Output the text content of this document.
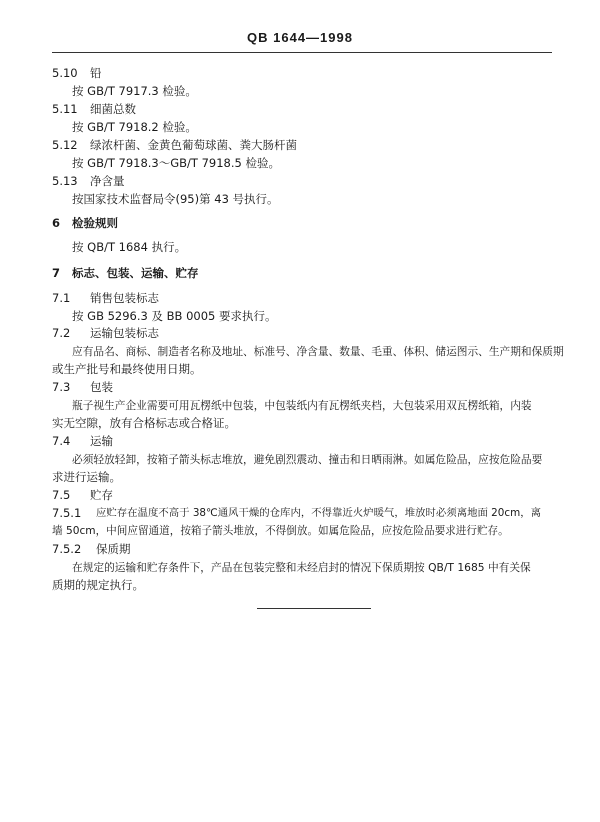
QB 1644—1998
5.10 铅
按 GB/T 7917.3 检验。
5.11 细菌总数
按 GB/T 7918.2 检验。
5.12 绿浓杆菌、金黄色葡萄球菌、粪大肠杆菌
按 GB/T 7918.3～GB/T 7918.5 检验。
5.13 净含量
按国家技术监督局令(95)第 43 号执行。
6 检验规则
按 QB/T 1684 执行。
7 标志、包装、运输、贮存
7.1 销售包装标志
按 GB 5296.3 及 BB 0005 要求执行。
7.2 运输包装标志
应有品名、商标、制造者名称及地址、标准号、净含量、数量、毛重、体积、储运图示、生产期和保质期
或生产批号和最终使用日期。
7.3 包装
瓶子视生产企业需要可用瓦楞纸中包装，中包装纸内有瓦楞纸夹档，大包装采用双瓦楞纸箱，内装
实无空隙，放有合格标志或合格证。
7.4 运输
必须轻放轻卸，按箱子箭头标志堆放，避免剧烈震动、撞击和日晒雨淋。如属危险品，应按危险品要
求进行运输。
7.5 贮存
7.5.1 应贮存在温度不高于 38℃通风干燥的仓库内，不得靠近火炉暖气，堆放时必须离地面 20cm，离
墙 50cm，中间应留通道，按箱子箭头堆放，不得倒放。如属危险品，应按危险品要求进行贮存。
7.5.2 保质期
在规定的运输和贮存条件下，产品在包装完整和未经启封的情况下保质期按 QB/T 1685 中有关保
质期的规定执行。
